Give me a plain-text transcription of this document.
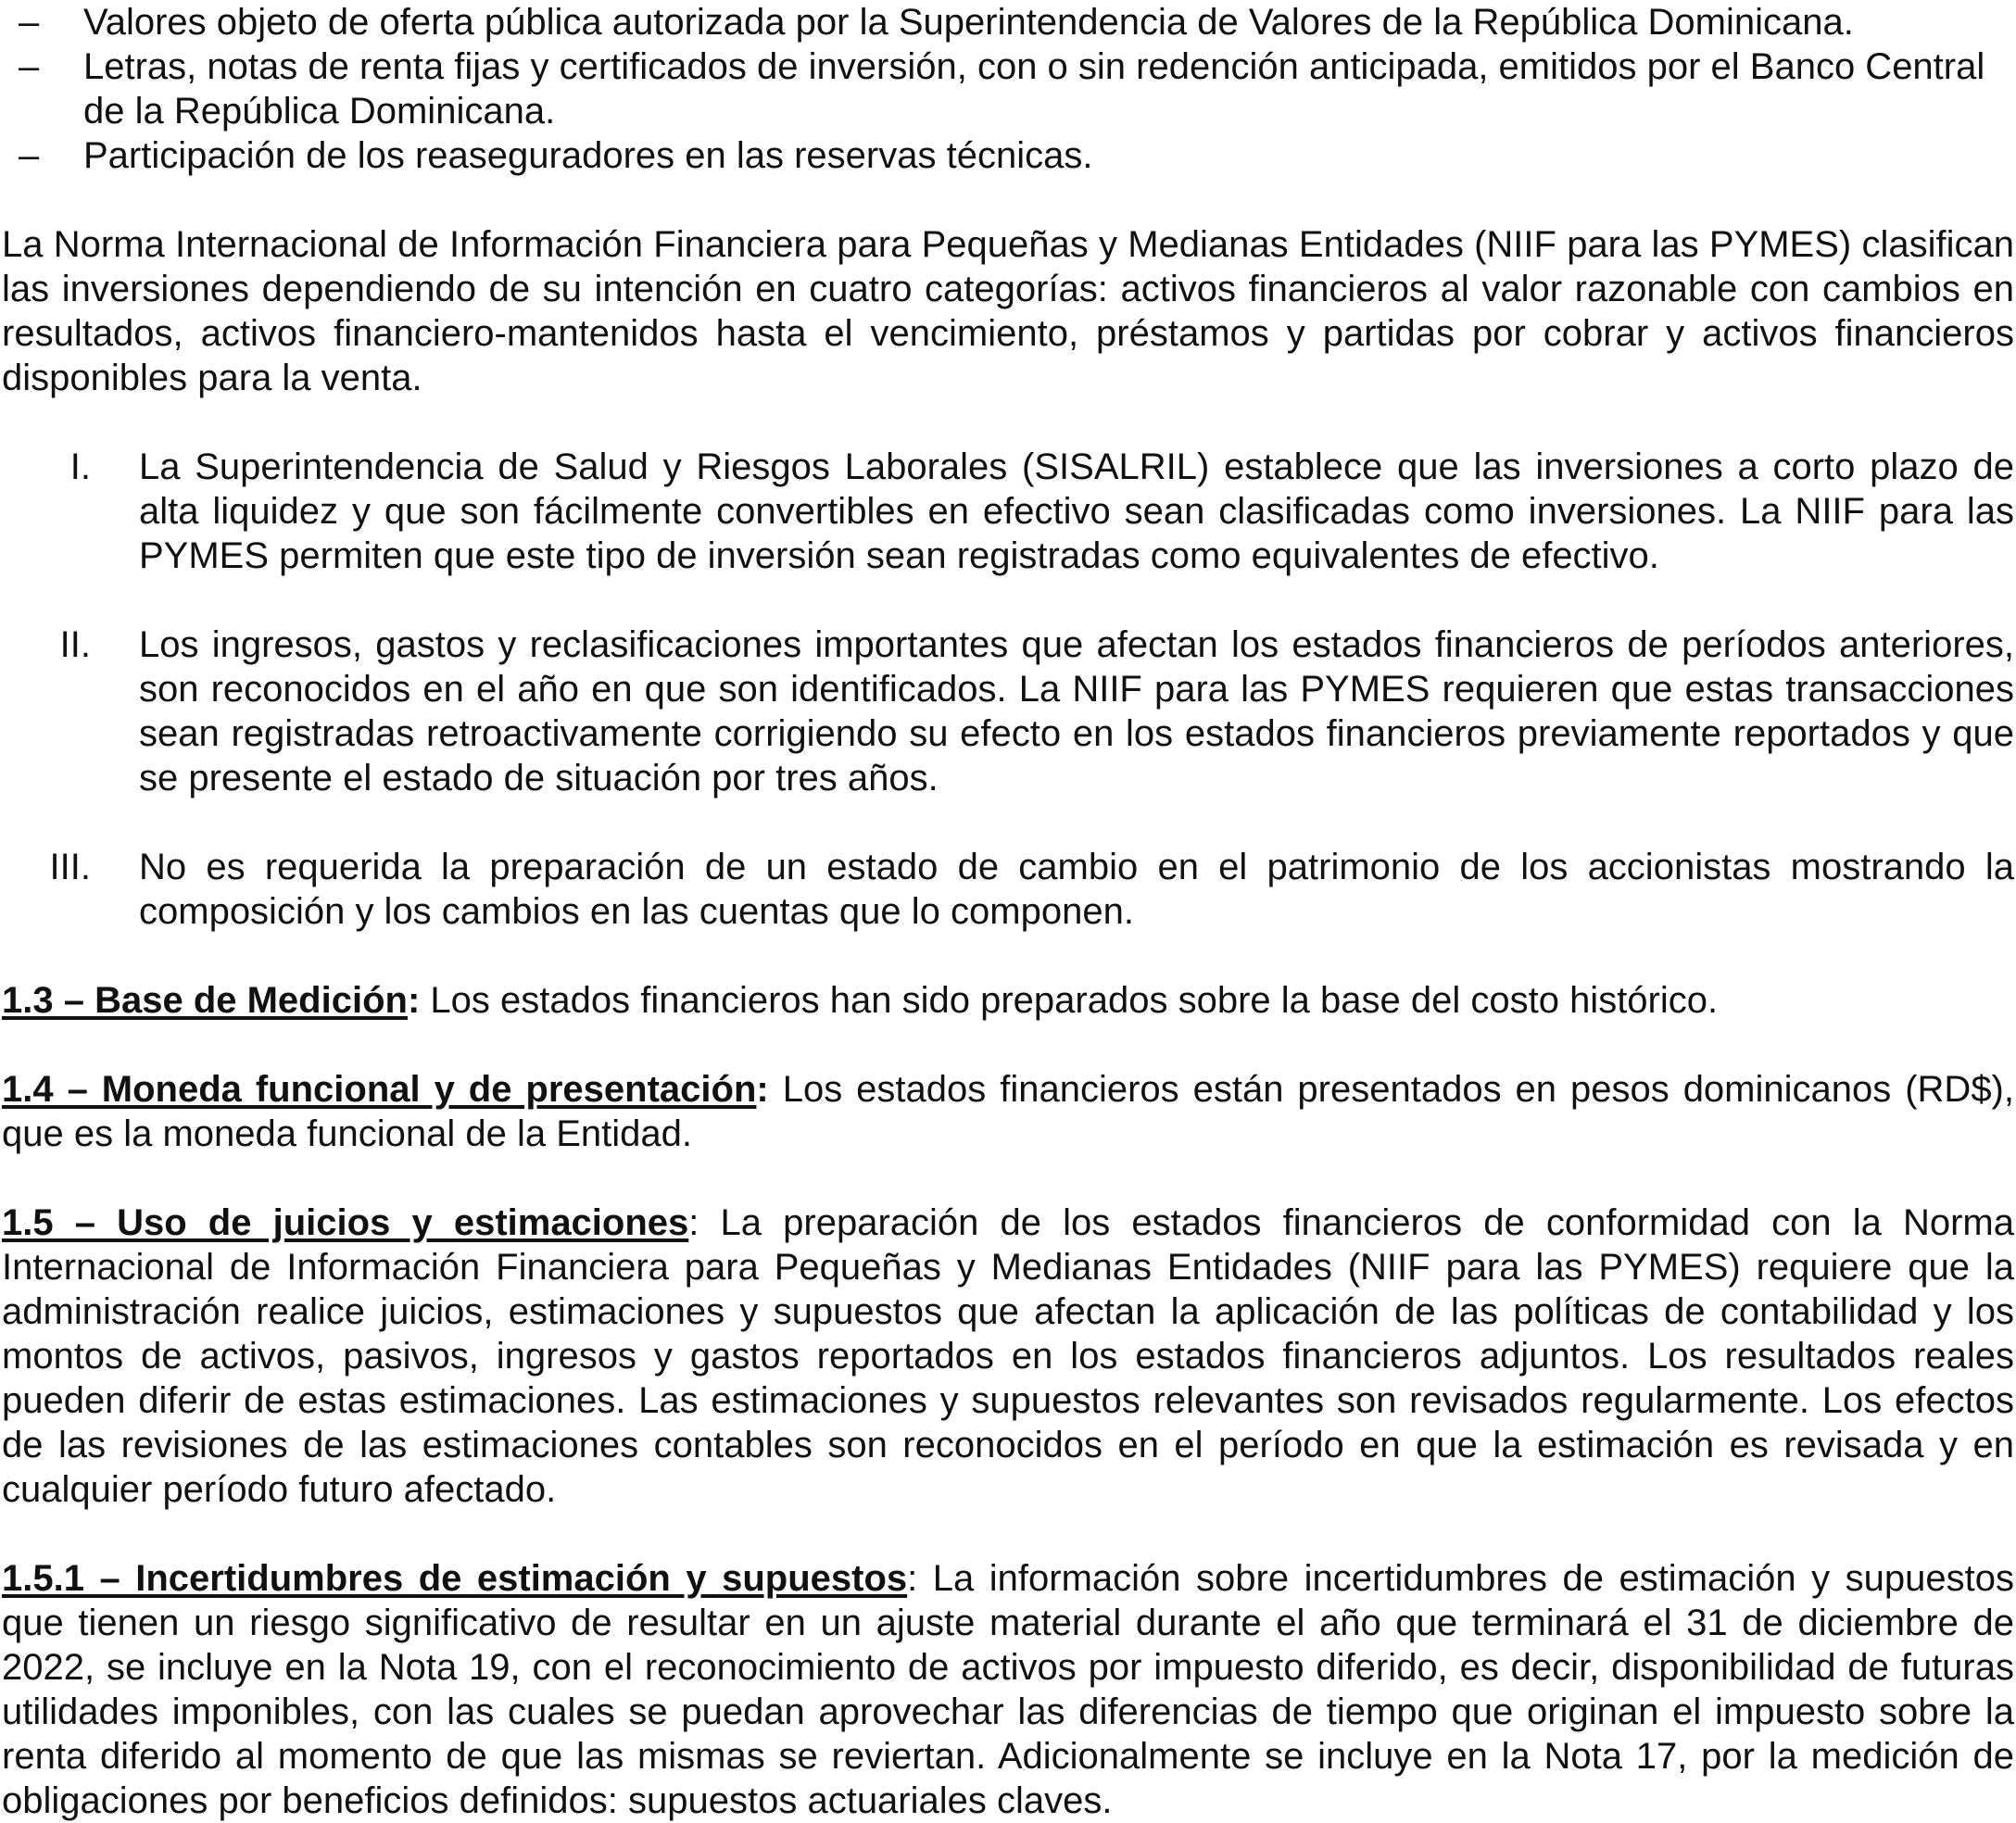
– Valores objeto de oferta pública autorizada por la Superintendencia de Valores de la República Dominicana.
– Letras, notas de renta fijas y certificados de inversión, con o sin redención anticipada, emitidos por el Banco Central de la República Dominicana.
– Participación de los reaseguradores en las reservas técnicas.

La Norma Internacional de Información Financiera para Pequeñas y Medianas Entidades (NIIF para las PYMES) clasifican las inversiones dependiendo de su intención en cuatro categorías: activos financieros al valor razonable con cambios en resultados, activos financiero-mantenidos hasta el vencimiento, préstamos y partidas por cobrar y activos financieros disponibles para la venta.

I. La Superintendencia de Salud y Riesgos Laborales (SISALRIL) establece que las inversiones a corto plazo de alta liquidez y que son fácilmente convertibles en efectivo sean clasificadas como inversiones. La NIIF para las PYMES permiten que este tipo de inversión sean registradas como equivalentes de efectivo.
II. Los ingresos, gastos y reclasificaciones importantes que afectan los estados financieros de períodos anteriores, son reconocidos en el año en que son identificados. La NIIF para las PYMES requieren que estas transacciones sean registradas retroactivamente corrigiendo su efecto en los estados financieros previamente reportados y que se presente el estado de situación por tres años.
III. No es requerida la preparación de un estado de cambio en el patrimonio de los accionistas mostrando la composición y los cambios en las cuentas que lo componen.

1.3 – Base de Medición: Los estados financieros han sido preparados sobre la base del costo histórico.

1.4 – Moneda funcional y de presentación: Los estados financieros están presentados en pesos dominicanos (RD$), que es la moneda funcional de la Entidad.

1.5 – Uso de juicios y estimaciones: La preparación de los estados financieros de conformidad con la Norma Internacional de Información Financiera para Pequeñas y Medianas Entidades (NIIF para las PYMES) requiere que la administración realice juicios, estimaciones y supuestos que afectan la aplicación de las políticas de contabilidad y los montos de activos, pasivos, ingresos y gastos reportados en los estados financieros adjuntos. Los resultados reales pueden diferir de estas estimaciones. Las estimaciones y supuestos relevantes son revisados regularmente. Los efectos de las revisiones de las estimaciones contables son reconocidos en el período en que la estimación es revisada y en cualquier período futuro afectado.

1.5.1 – Incertidumbres de estimación y supuestos: La información sobre incertidumbres de estimación y supuestos que tienen un riesgo significativo de resultar en un ajuste material durante el año que terminará el 31 de diciembre de 2022, se incluye en la Nota 19, con el reconocimiento de activos por impuesto diferido, es decir, disponibilidad de futuras utilidades imponibles, con las cuales se puedan aprovechar las diferencias de tiempo que originan el impuesto sobre la renta diferido al momento de que las mismas se reviertan. Adicionalmente se incluye en la Nota 17, por la medición de obligaciones por beneficios definidos: supuestos actuariales claves.
